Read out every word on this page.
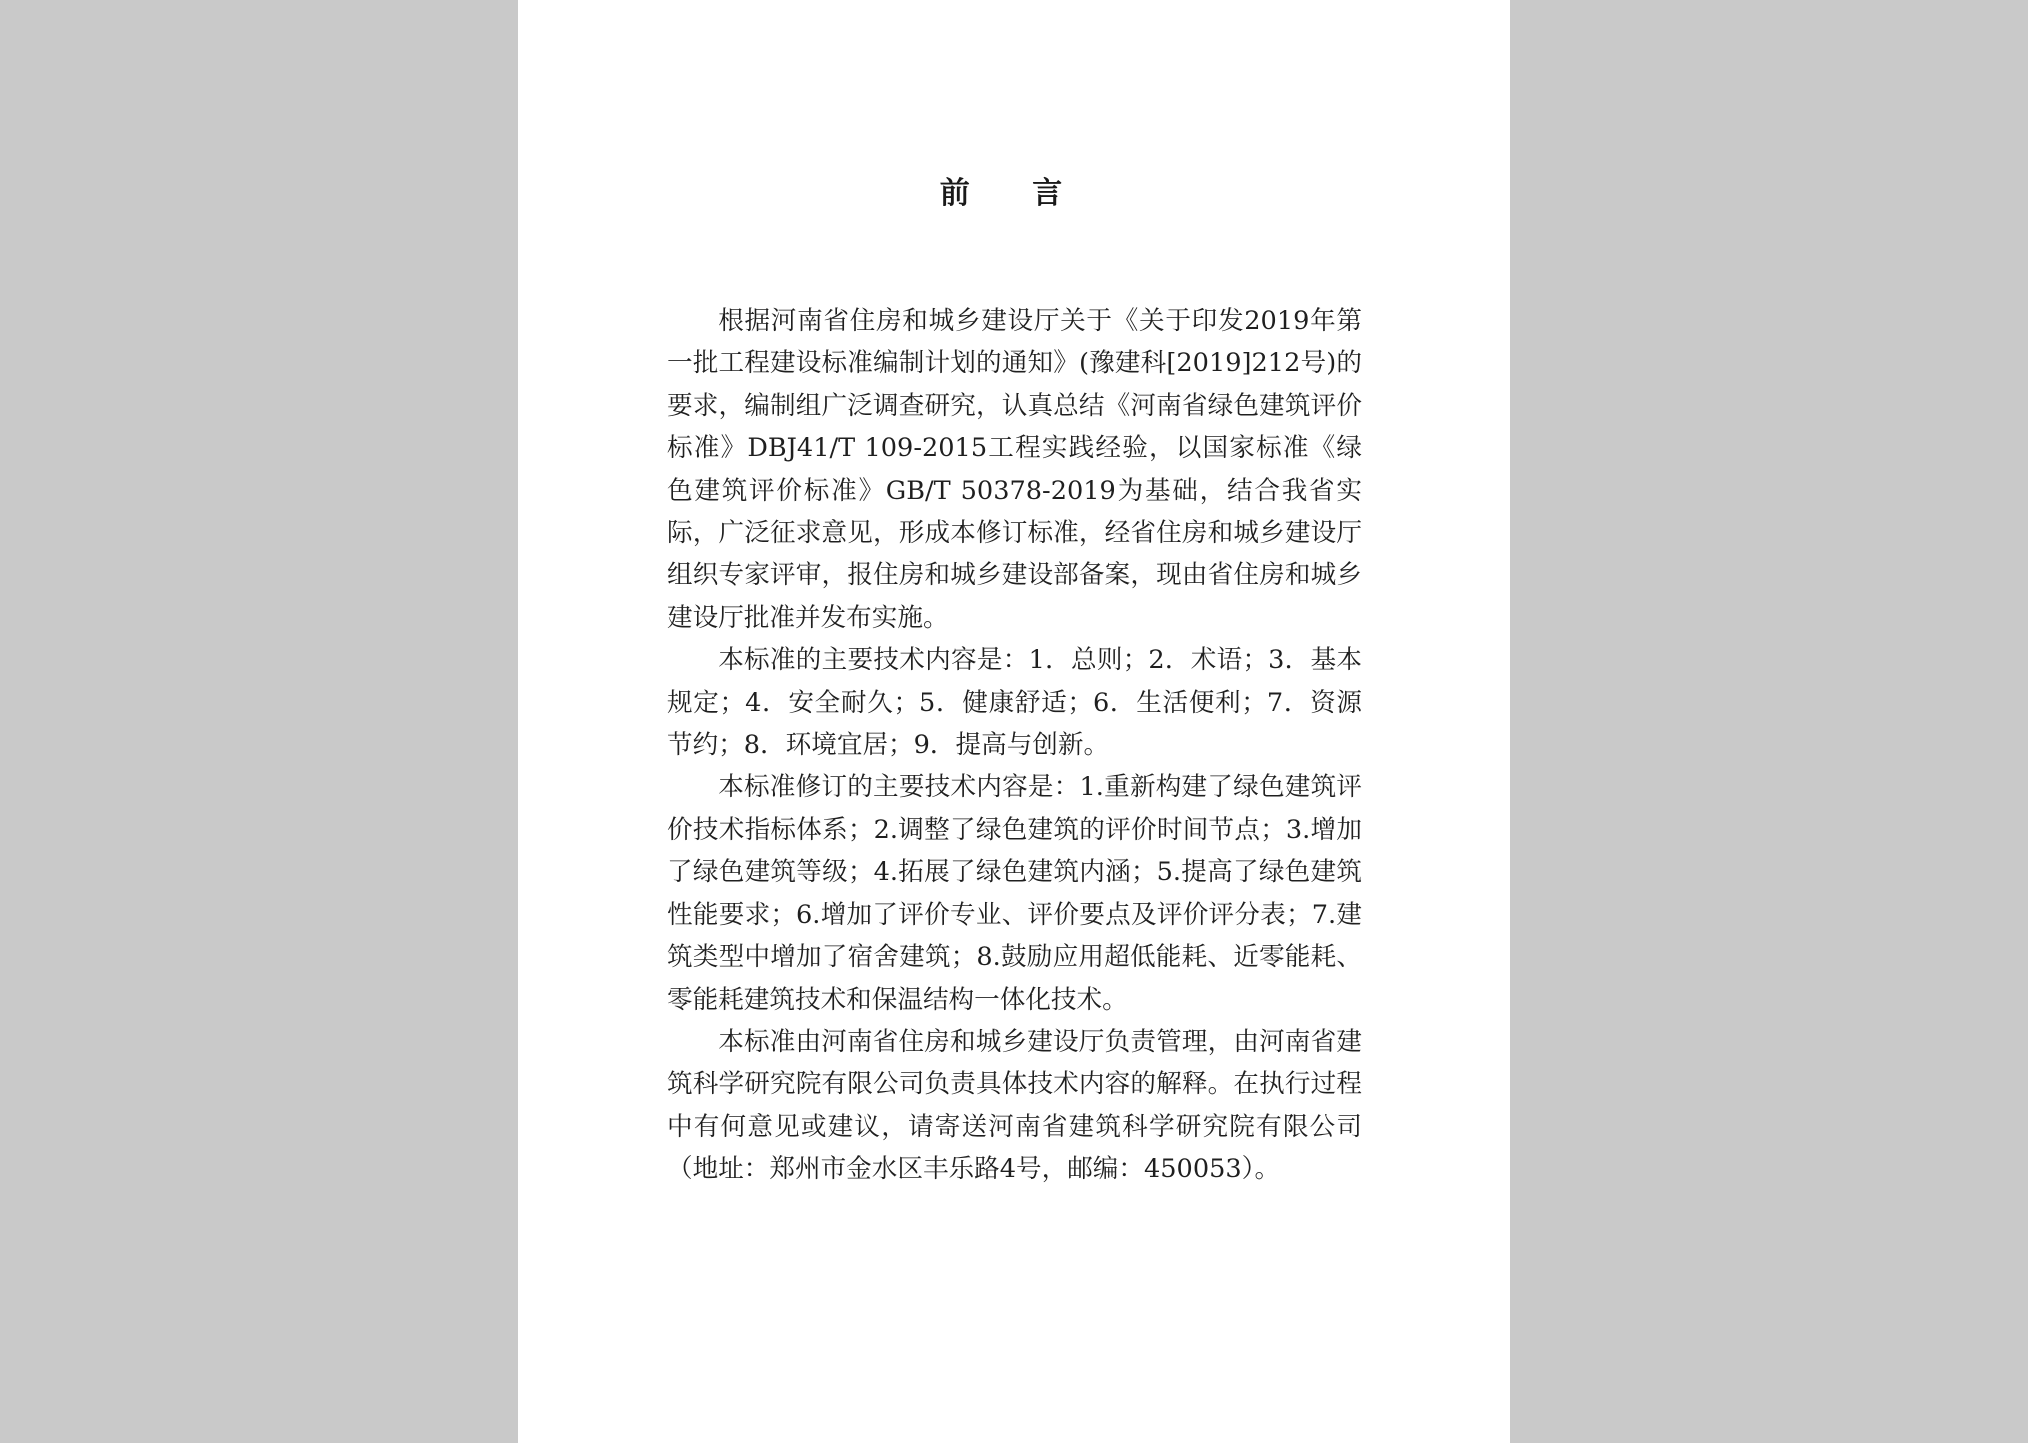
前 言

根据河南省住房和城乡建设厅关于《关于印发2019年第一批工程建设标准编制计划的通知》(豫建科[2019]212号)的要求，编制组广泛调查研究，认真总结《河南省绿色建筑评价标准》DBJ41/T 109-2015工程实践经验，以国家标准《绿色建筑评价标准》GB/T 50378-2019为基础，结合我省实际，广泛征求意见，形成本修订标准，经省住房和城乡建设厅组织专家评审，报住房和城乡建设部备案，现由省住房和城乡建设厅批准并发布实施。

本标准的主要技术内容是：1．总则；2．术语；3．基本规定；4．安全耐久；5．健康舒适；6．生活便利；7．资源节约；8．环境宜居；9．提高与创新。

本标准修订的主要技术内容是：1.重新构建了绿色建筑评价技术指标体系；2.调整了绿色建筑的评价时间节点；3.增加了绿色建筑等级；4.拓展了绿色建筑内涵；5.提高了绿色建筑性能要求；6.增加了评价专业、评价要点及评价评分表；7.建筑类型中增加了宿舍建筑；8.鼓励应用超低能耗、近零能耗、零能耗建筑技术和保温结构一体化技术。

本标准由河南省住房和城乡建设厅负责管理，由河南省建筑科学研究院有限公司负责具体技术内容的解释。在执行过程中有何意见或建议，请寄送河南省建筑科学研究院有限公司（地址：郑州市金水区丰乐路4号，邮编：450053）。
